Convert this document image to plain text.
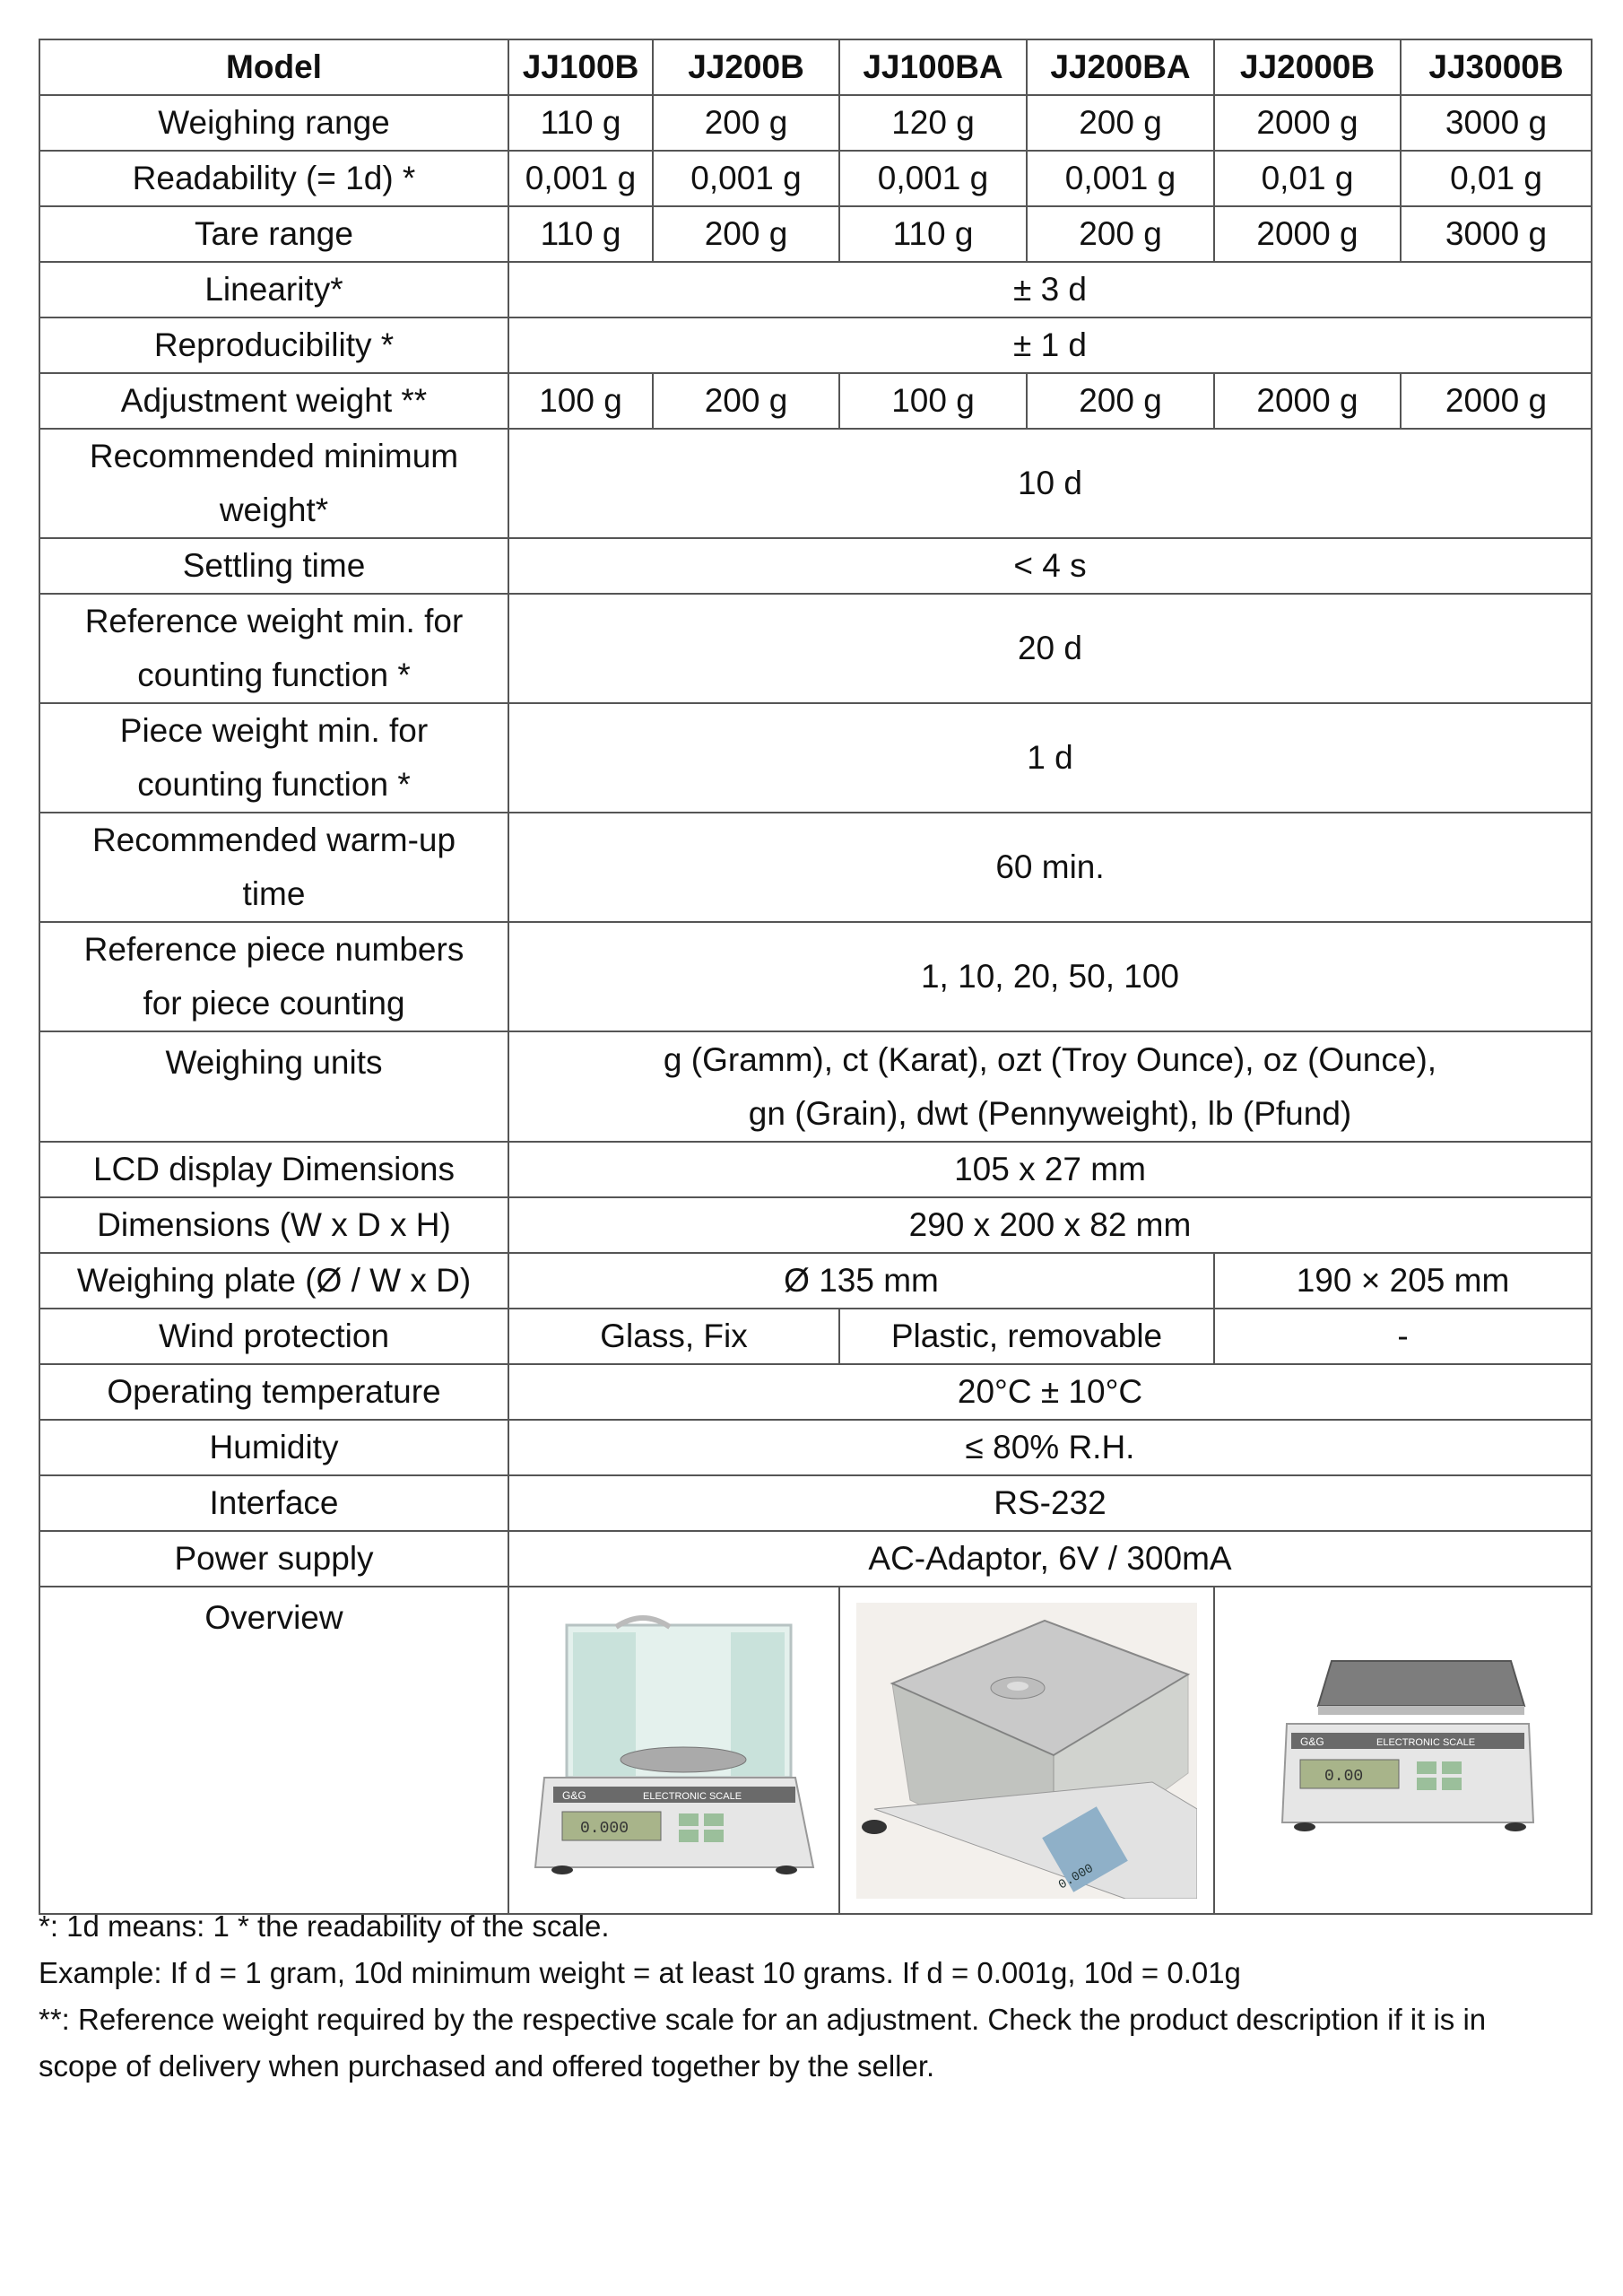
Model	JJ100B	JJ200B	JJ100BA	JJ200BA	JJ2000B	JJ3000B
Weighing range	110 g	200 g	120 g	200 g	2000 g	3000 g
Readability (= 1d) *	0,001 g	0,001 g	0,001 g	0,001 g	0,01 g	0,01 g
Tare range	110 g	200 g	110 g	200 g	2000 g	3000 g
Linearity*	± 3 d					
Reproducibility *	± 1 d					
Adjustment weight **	100 g	200 g	100 g	200 g	2000 g	2000 g

Recommended minimum
weight*	10 d					
Settling time	< 4 s					

Reference weight min. for
counting function *	20 d					

Piece weight min. for
counting function *	1 d					

Recommended warm-up
time	60 min.					

Reference piece numbers
for piece counting	1, 10, 20, 50, 100					
Weighing units	g (Gramm), ct (Karat), ozt (Troy Ounce), oz (Ounce),
gn (Grain), dwt (Pennyweight), lb (Pfund)					

LCD display Dimensions	105 x 27 mm					
Dimensions (W x D x H)	290 x 200 x 82 mm					
Weighing plate (Ø / W x D)	Ø 135 mm				190 × 205 mm	
Wind protection	Glass, Fix		Plastic, removable		-	
Operating temperature	20°C ± 10°C					
Humidity	≤ 80% R.H.					
Interface	RS-232					
Power supply	AC-Adaptor, 6V / 300mA					
Overview	G&G ELECTRONIC SCALE
0.000		0.000		G&G ELECTRONIC SCALE
0.00	

*: 1d means: 1 * the readability of the scale.

Example: If d = 1 gram, 10d minimum weight = at least 10 grams. If d = 0.001g, 10d = 0.01g

**: Reference weight required by the respective scale for an adjustment. Check the product description if it is in

scope of delivery when purchased and offered together by the seller.
